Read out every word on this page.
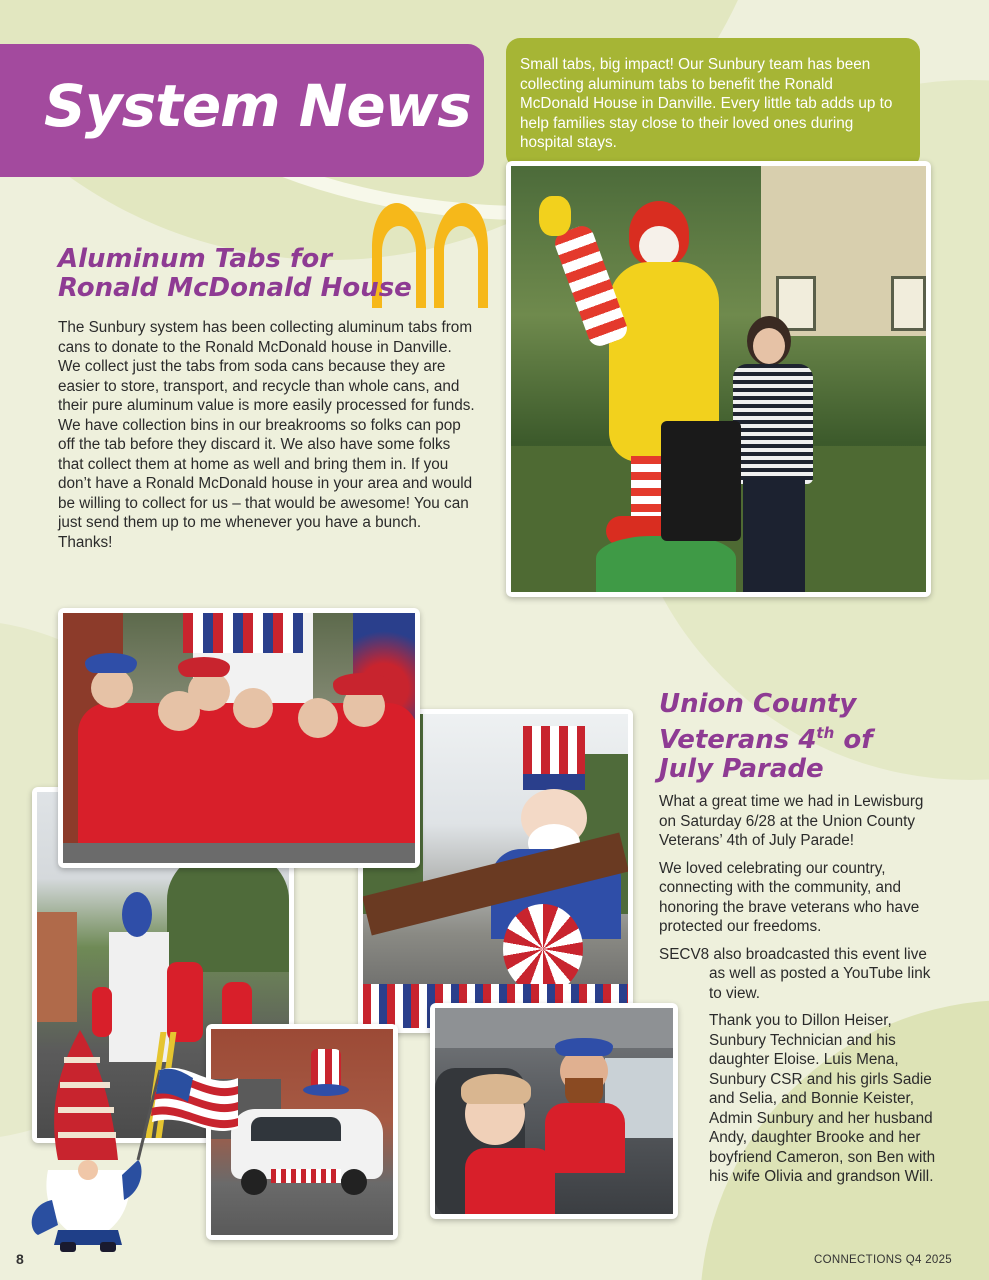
System News
Small tabs, big impact! Our Sunbury team has been collecting aluminum tabs to benefit the Ronald McDonald House in Danville. Every little tab adds up to help families stay close to their loved ones during hospital stays.
Aluminum Tabs for
Ronald McDonald House
The Sunbury system has been collecting aluminum tabs from cans to donate to the Ronald McDonald house in Danville. We collect just the tabs from soda cans because they are easier to store, transport, and recycle than whole cans, and their pure aluminum value is more easily processed for funds. We have collection bins in our breakrooms so folks can pop off the tab before they discard it. We also have some folks that collect them at home as well and bring them in. If you don’t have a Ronald McDonald house in your area and would be willing to collect for us – that would be awesome! You can just send them up to me whenever you have a bunch. Thanks!
Union County
Veterans 4th of
July Parade

What a great time we had in Lewisburg on Saturday 6/28 at the Union County Veterans’ 4th of July Parade!

We loved celebrating our country, connecting with the community, and honoring the brave veterans who have protected our freedoms.

SECV8 also broadcasted this event live as well as posted a YouTube link to view.

Thank you to Dillon Heiser, Sunbury Technician and his daughter Eloise. Luis Mena, Sunbury CSR and his girls Sadie and Selia, and Bonnie Keister, Admin Sunbury and her husband Andy, daughter Brooke and her boyfriend Cameron, son Ben with his wife Olivia and grandson Will.

8	CONNECTIONS Q4 2025
